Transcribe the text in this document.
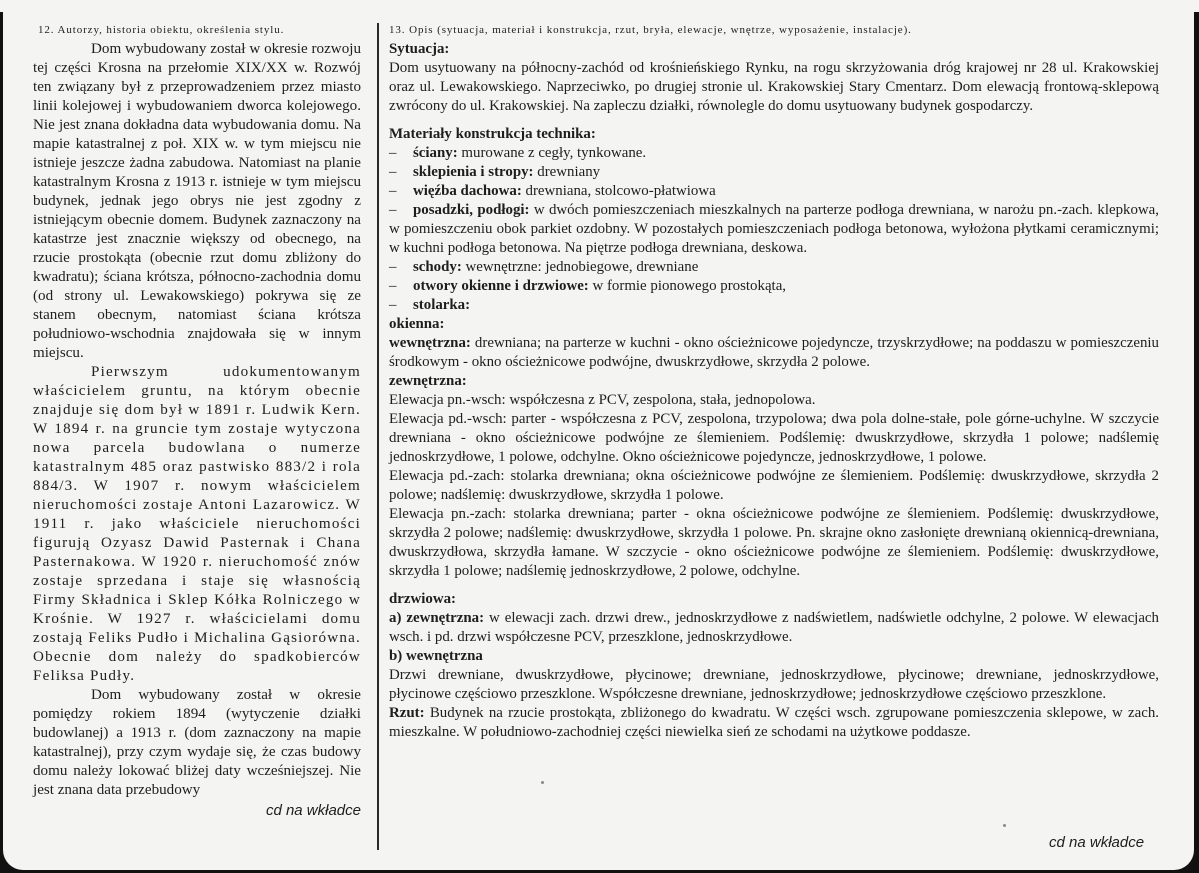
12. Autorzy, historia obiektu, określenia stylu.

Dom wybudowany został w okresie rozwoju tej części Krosna na przełomie XIX/XX w. Rozwój ten związany był z przeprowadzeniem przez miasto linii kolejowej i wybudowaniem dworca kolejowego. Nie jest znana dokładna data wybudowania domu. Na mapie katastralnej z poł. XIX w. w tym miejscu nie istnieje jeszcze żadna zabudowa. Natomiast na planie katastralnym Krosna z 1913 r. istnieje w tym miejscu budynek, jednak jego obrys nie jest zgodny z istniejącym obecnie domem. Budynek zaznaczony na katastrze jest znacznie większy od obecnego, na rzucie prostokąta (obecnie rzut domu zbliżony do kwadratu); ściana krótsza, północno-zachodnia domu (od strony ul. Lewakowskiego) pokrywa się ze stanem obecnym, natomiast ściana krótsza południowo-wschodnia znajdowała się w innym miejscu.

Pierwszym udokumentowanym właścicielem gruntu, na którym obecnie znajduje się dom był w 1891 r. Ludwik Kern. W 1894 r. na gruncie tym zostaje wytyczona nowa parcela budowlana o numerze katastralnym 485 oraz pastwisko 883/2 i rola 884/3. W 1907 r. nowym właścicielem nieruchomości zostaje Antoni Lazarowicz. W 1911 r. jako właściciele nieruchomości figurują Ozyasz Dawid Pasternak i Chana Pasternakowa. W 1920 r. nieruchomość znów zostaje sprzedana i staje się własnością Firmy Składnica i Sklep Kółka Rolniczego w Krośnie. W 1927 r. właścicielami domu zostają Feliks Pudło i Michalina Gąsiorówna. Obecnie dom należy do spadkobierców Feliksa Pudły.

Dom wybudowany został w okresie pomiędzy rokiem 1894 (wytyczenie działki budowlanej) a 1913 r. (dom zaznaczony na mapie katastralnej), przy czym wydaje się, że czas budowy domu należy lokować bliżej daty wcześniejszej. Nie jest znana data przebudowy

cd na wkładce
13. Opis (sytuacja, materiał i konstrukcja, rzut, bryła, elewacje, wnętrze, wyposażenie, instalacje).

Sytuacja:

Dom usytuowany na północny-zachód od krośnieńskiego Rynku, na rogu skrzyżowania dróg krajowej nr 28 ul. Krakowskiej oraz ul. Lewakowskiego. Naprzeciwko, po drugiej stronie ul. Krakowskiej Stary Cmentarz. Dom elewacją frontową-sklepową zwrócony do ul. Krakowskiej. Na zapleczu działki, równolegle do domu usytuowany budynek gospodarczy.

Materiały konstrukcja technika:

– ściany: murowane z cegły, tynkowane.

– sklepienia i stropy: drewniany

– więźba dachowa: drewniana, stolcowo-płatwiowa

– posadzki, podłogi: w dwóch pomieszczeniach mieszkalnych na parterze podłoga drewniana, w narożu pn.-zach. klepkowa, w pomieszczeniu obok parkiet ozdobny. W pozostałych pomieszczeniach podłoga betonowa, wyłożona płytkami ceramicznymi; w kuchni podłoga betonowa. Na piętrze podłoga drewniana, deskowa.

– schody: wewnętrzne: jednobiegowe, drewniane

– otwory okienne i drzwiowe: w formie pionowego prostokąta,

– stolarka:

okienna:

wewnętrzna: drewniana; na parterze w kuchni - okno ościeżnicowe pojedyncze, trzyskrzydłowe; na poddaszu w pomieszczeniu środkowym - okno ościeżnicowe podwójne, dwuskrzydłowe, skrzydła 2 polowe.

zewnętrzna:

Elewacja pn.-wsch: współczesna z PCV, zespolona, stała, jednopolowa.

Elewacja pd.-wsch: parter - współczesna z PCV, zespolona, trzypolowa; dwa pola dolne-stałe, pole górne-uchylne. W szczycie drewniana - okno ościeżnicowe podwójne ze ślemieniem. Podślemię: dwuskrzydłowe, skrzydła 1 polowe; nadślemię jednoskrzydłowe, 1 polowe, odchylne. Okno ościeżnicowe pojedyncze, jednoskrzydłowe, 1 polowe.

Elewacja pd.-zach: stolarka drewniana; okna ościeżnicowe podwójne ze ślemieniem. Podślemię: dwuskrzydłowe, skrzydła 2 polowe; nadślemię: dwuskrzydłowe, skrzydła 1 polowe.

Elewacja pn.-zach: stolarka drewniana; parter - okna ościeżnicowe podwójne ze ślemieniem. Podślemię: dwuskrzydłowe, skrzydła 2 polowe; nadślemię: dwuskrzydłowe, skrzydła 1 polowe. Pn. skrajne okno zasłonięte drewnianą okiennicą-drewniana, dwuskrzydłowa, skrzydła łamane. W szczycie - okno ościeżnicowe podwójne ze ślemieniem. Podślemię: dwuskrzydłowe, skrzydła 1 polowe; nadślemię jednoskrzydłowe, 2 polowe, odchylne.

drzwiowa:

a) zewnętrzna: w elewacji zach. drzwi drew., jednoskrzydłowe z nadświetlem, nadświetle odchylne, 2 polowe. W elewacjach wsch. i pd. drzwi współczesne PCV, przeszklone, jednoskrzydłowe.

b) wewnętrzna

Drzwi drewniane, dwuskrzydłowe, płycinowe; drewniane, jednoskrzydłowe, płycinowe; drewniane, jednoskrzydłowe, płycinowe częściowo przeszklone. Współczesne drewniane, jednoskrzydłowe; jednoskrzydłowe częściowo przeszklone.

Rzut: Budynek na rzucie prostokąta, zbliżonego do kwadratu. W części wsch. zgrupowane pomieszczenia sklepowe, w zach. mieszkalne. W południowo-zachodniej części niewielka sień ze schodami na użytkowe poddasze.

cd na wkładce
